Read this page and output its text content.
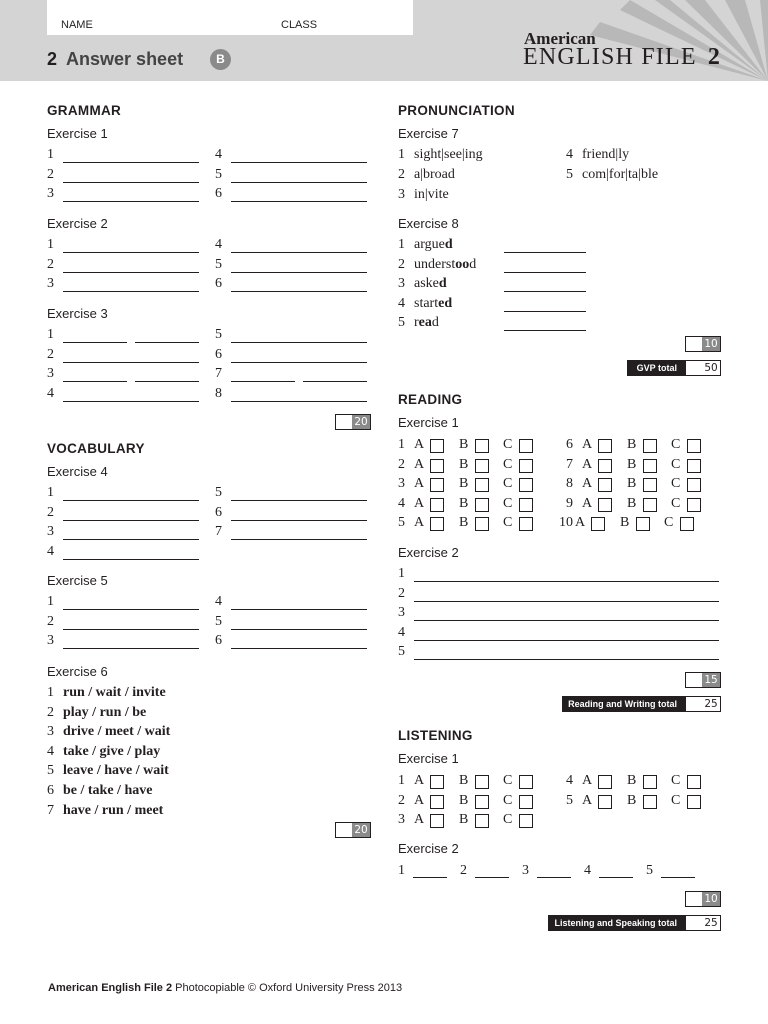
NAME	CLASS
2 Answer sheet	B
American
ENGLISH FILE 2
GRAMMAR
Exercise 1
1
2
3
4
5
6
Exercise 2
1
2
3
4
5
6
Exercise 3
1
2
3
4
5
6
7
8
20
VOCABULARY
Exercise 4
1
2
3
4
5
6
7
Exercise 5
1
2
3
4
5
6
Exercise 6
1 run / wait / invite
2 play / run / be
3 drive / meet / wait
4 take / give / play
5 leave / have / wait
6 be / take / have
7 have / run / meet
20
PRONUNCIATION
Exercise 7
1 sight|see|ing
2 a|broad
3 in|vite
4 friend|ly
5 com|for|ta|ble
Exercise 8
1 argued
2 understood
3 asked
4 started
5 read
10
GVP total	50
READING
Exercise 1
1 A B C
2 A B C
3 A B C
4 A B C
5 A B C
6 A B C
7 A B C
8 A B C
9 A B C
10 A B C
Exercise 2
1
2
3
4
5
15
Reading and Writing total	25
LISTENING
Exercise 1
1 A B C
2 A B C
3 A B C
4 A B C
5 A B C
Exercise 2
1	2	3	4	5
10
Listening and Speaking total	25
American English File 2 Photocopiable © Oxford University Press 2013
